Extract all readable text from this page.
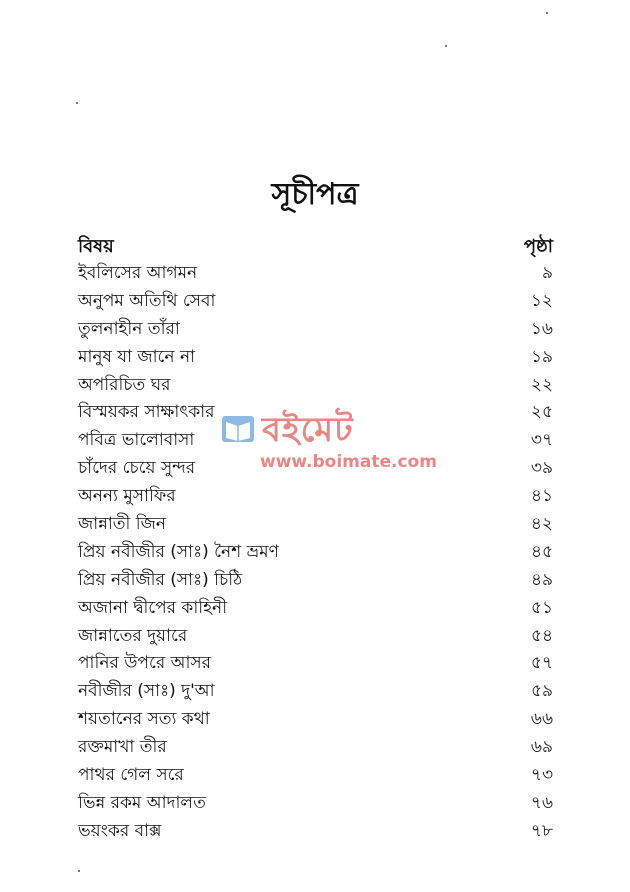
সূচীপত্র
বিষয়	পৃষ্ঠা
ইবলিসের আগমন	৯
অনুপম অতিথি সেবা	১২
তুলনাহীন তাঁরা	১৬
মানুষ যা জানে না	১৯
অপরিচিত ঘর	২২
বিস্ময়কর সাক্ষাৎকার	২৫
পবিত্র ভালোবাসা	৩৭
চাঁদের চেয়ে সুন্দর	৩৯
অনন্য মুসাফির	৪১
জান্নাতী জিন	৪২
প্রিয় নবীজীর (সাঃ) নৈশ ভ্রমণ	৪৫
প্রিয় নবীজীর (সাঃ) চিঠি	৪৯
অজানা দ্বীপের কাহিনী	৫১
জান্নাতের দুয়ারে	৫৪
পানির উপরে আসর	৫৭
নবীজীর (সাঃ) দু'আ	৫৯
শয়তানের সত্য কথা	৬৬
রক্তমাখা তীর	৬৯
পাথর গেল সরে	৭৩
ভিন্ন রকম আদালত	৭৬
ভয়ংকর বাক্স	৭৮
বইমেট
www.boimate.com
